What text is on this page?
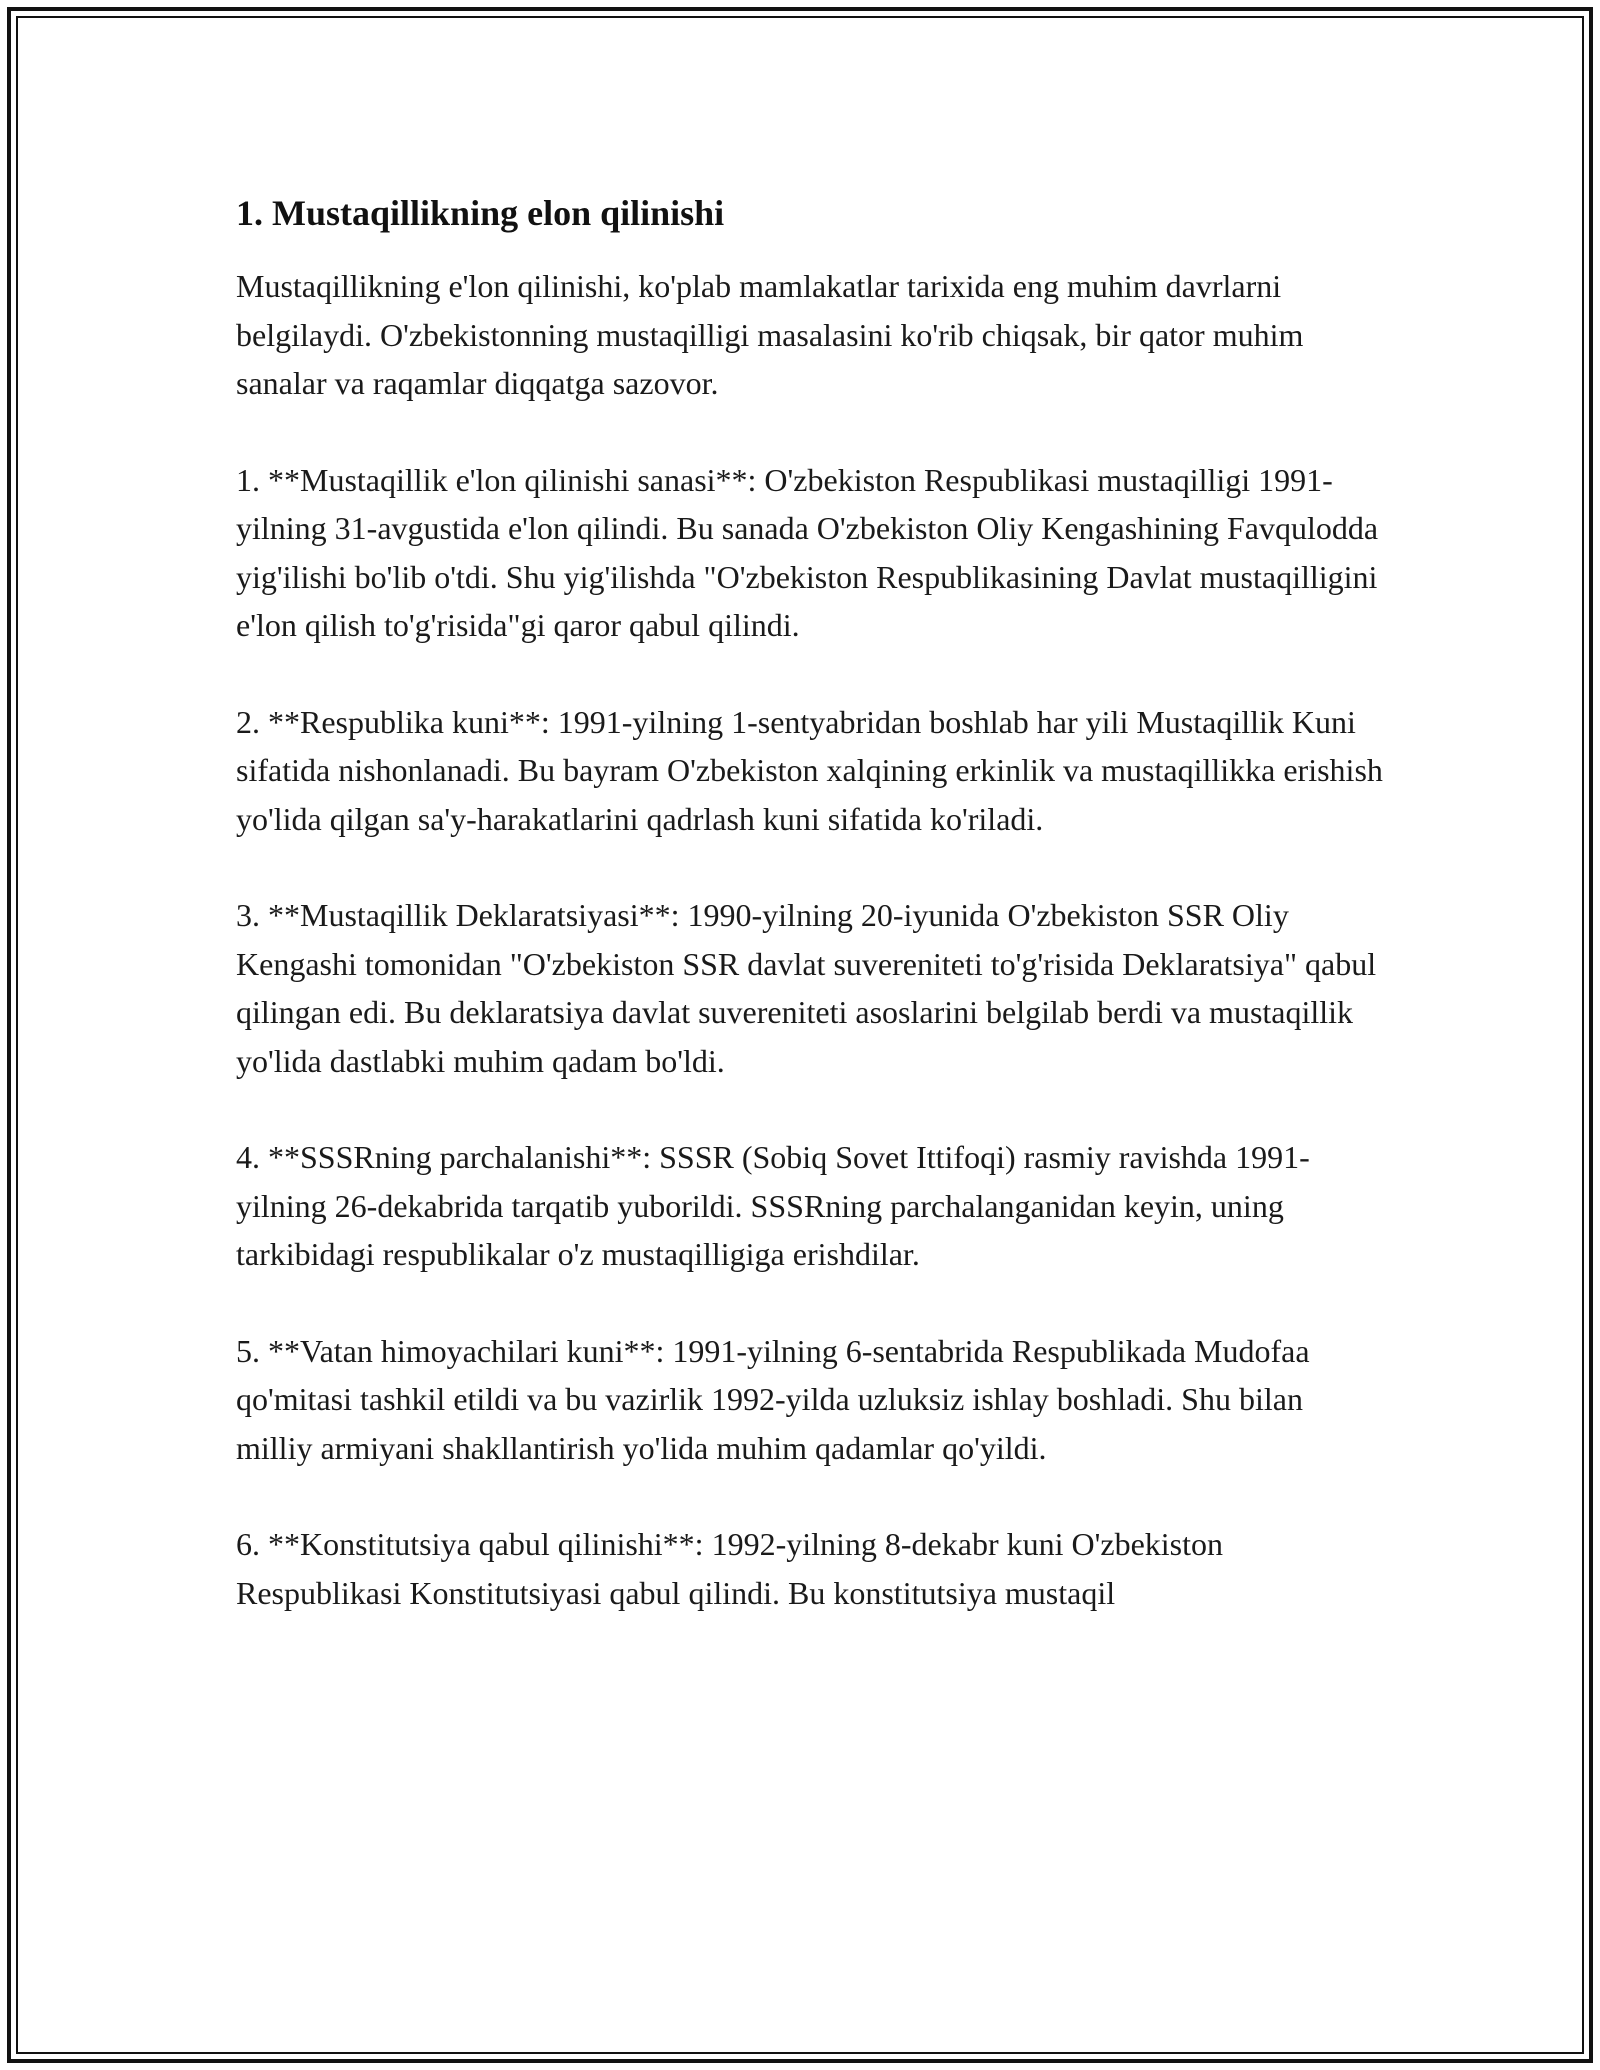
1. Mustaqillikning elon qilinishi

Mustaqillikning e'lon qilinishi, ko'plab mamlakatlar tarixida eng muhim davrlarni belgilaydi. O'zbekistonning mustaqilligi masalasini ko'rib chiqsak, bir qator muhim sanalar va raqamlar diqqatga sazovor.

1. **Mustaqillik e'lon qilinishi sanasi**: O'zbekiston Respublikasi mustaqilligi 1991-yilning 31-avgustida e'lon qilindi. Bu sanada O'zbekiston Oliy Kengashining Favqulodda yig'ilishi bo'lib o'tdi. Shu yig'ilishda "O'zbekiston Respublikasining Davlat mustaqilligini e'lon qilish to'g'risida"gi qaror qabul qilindi.

2. **Respublika kuni**: 1991-yilning 1-sentyabridan boshlab har yili Mustaqillik Kuni sifatida nishonlanadi. Bu bayram O'zbekiston xalqining erkinlik va mustaqillikka erishish yo'lida qilgan sa'y-harakatlarini qadrlash kuni sifatida ko'riladi.

3. **Mustaqillik Deklaratsiyasi**: 1990-yilning 20-iyunida O'zbekiston SSR Oliy Kengashi tomonidan "O'zbekiston SSR davlat suvereniteti to'g'risida Deklaratsiya" qabul qilingan edi. Bu deklaratsiya davlat suvereniteti asoslarini belgilab berdi va mustaqillik yo'lida dastlabki muhim qadam bo'ldi.

4. **SSSRning parchalanishi**: SSSR (Sobiq Sovet Ittifoqi) rasmiy ravishda 1991-yilning 26-dekabrida tarqatib yuborildi. SSSRning parchalanganidan keyin, uning tarkibidagi respublikalar o'z mustaqilligiga erishdilar.

5. **Vatan himoyachilari kuni**: 1991-yilning 6-sentabrida Respublikada Mudofaa qo'mitasi tashkil etildi va bu vazirlik 1992-yilda uzluksiz ishlay boshladi. Shu bilan milliy armiyani shakllantirish yo'lida muhim qadamlar qo'yildi.

6. **Konstitutsiya qabul qilinishi**: 1992-yilning 8-dekabr kuni O'zbekiston Respublikasi Konstitutsiyasi qabul qilindi. Bu konstitutsiya mustaqil
